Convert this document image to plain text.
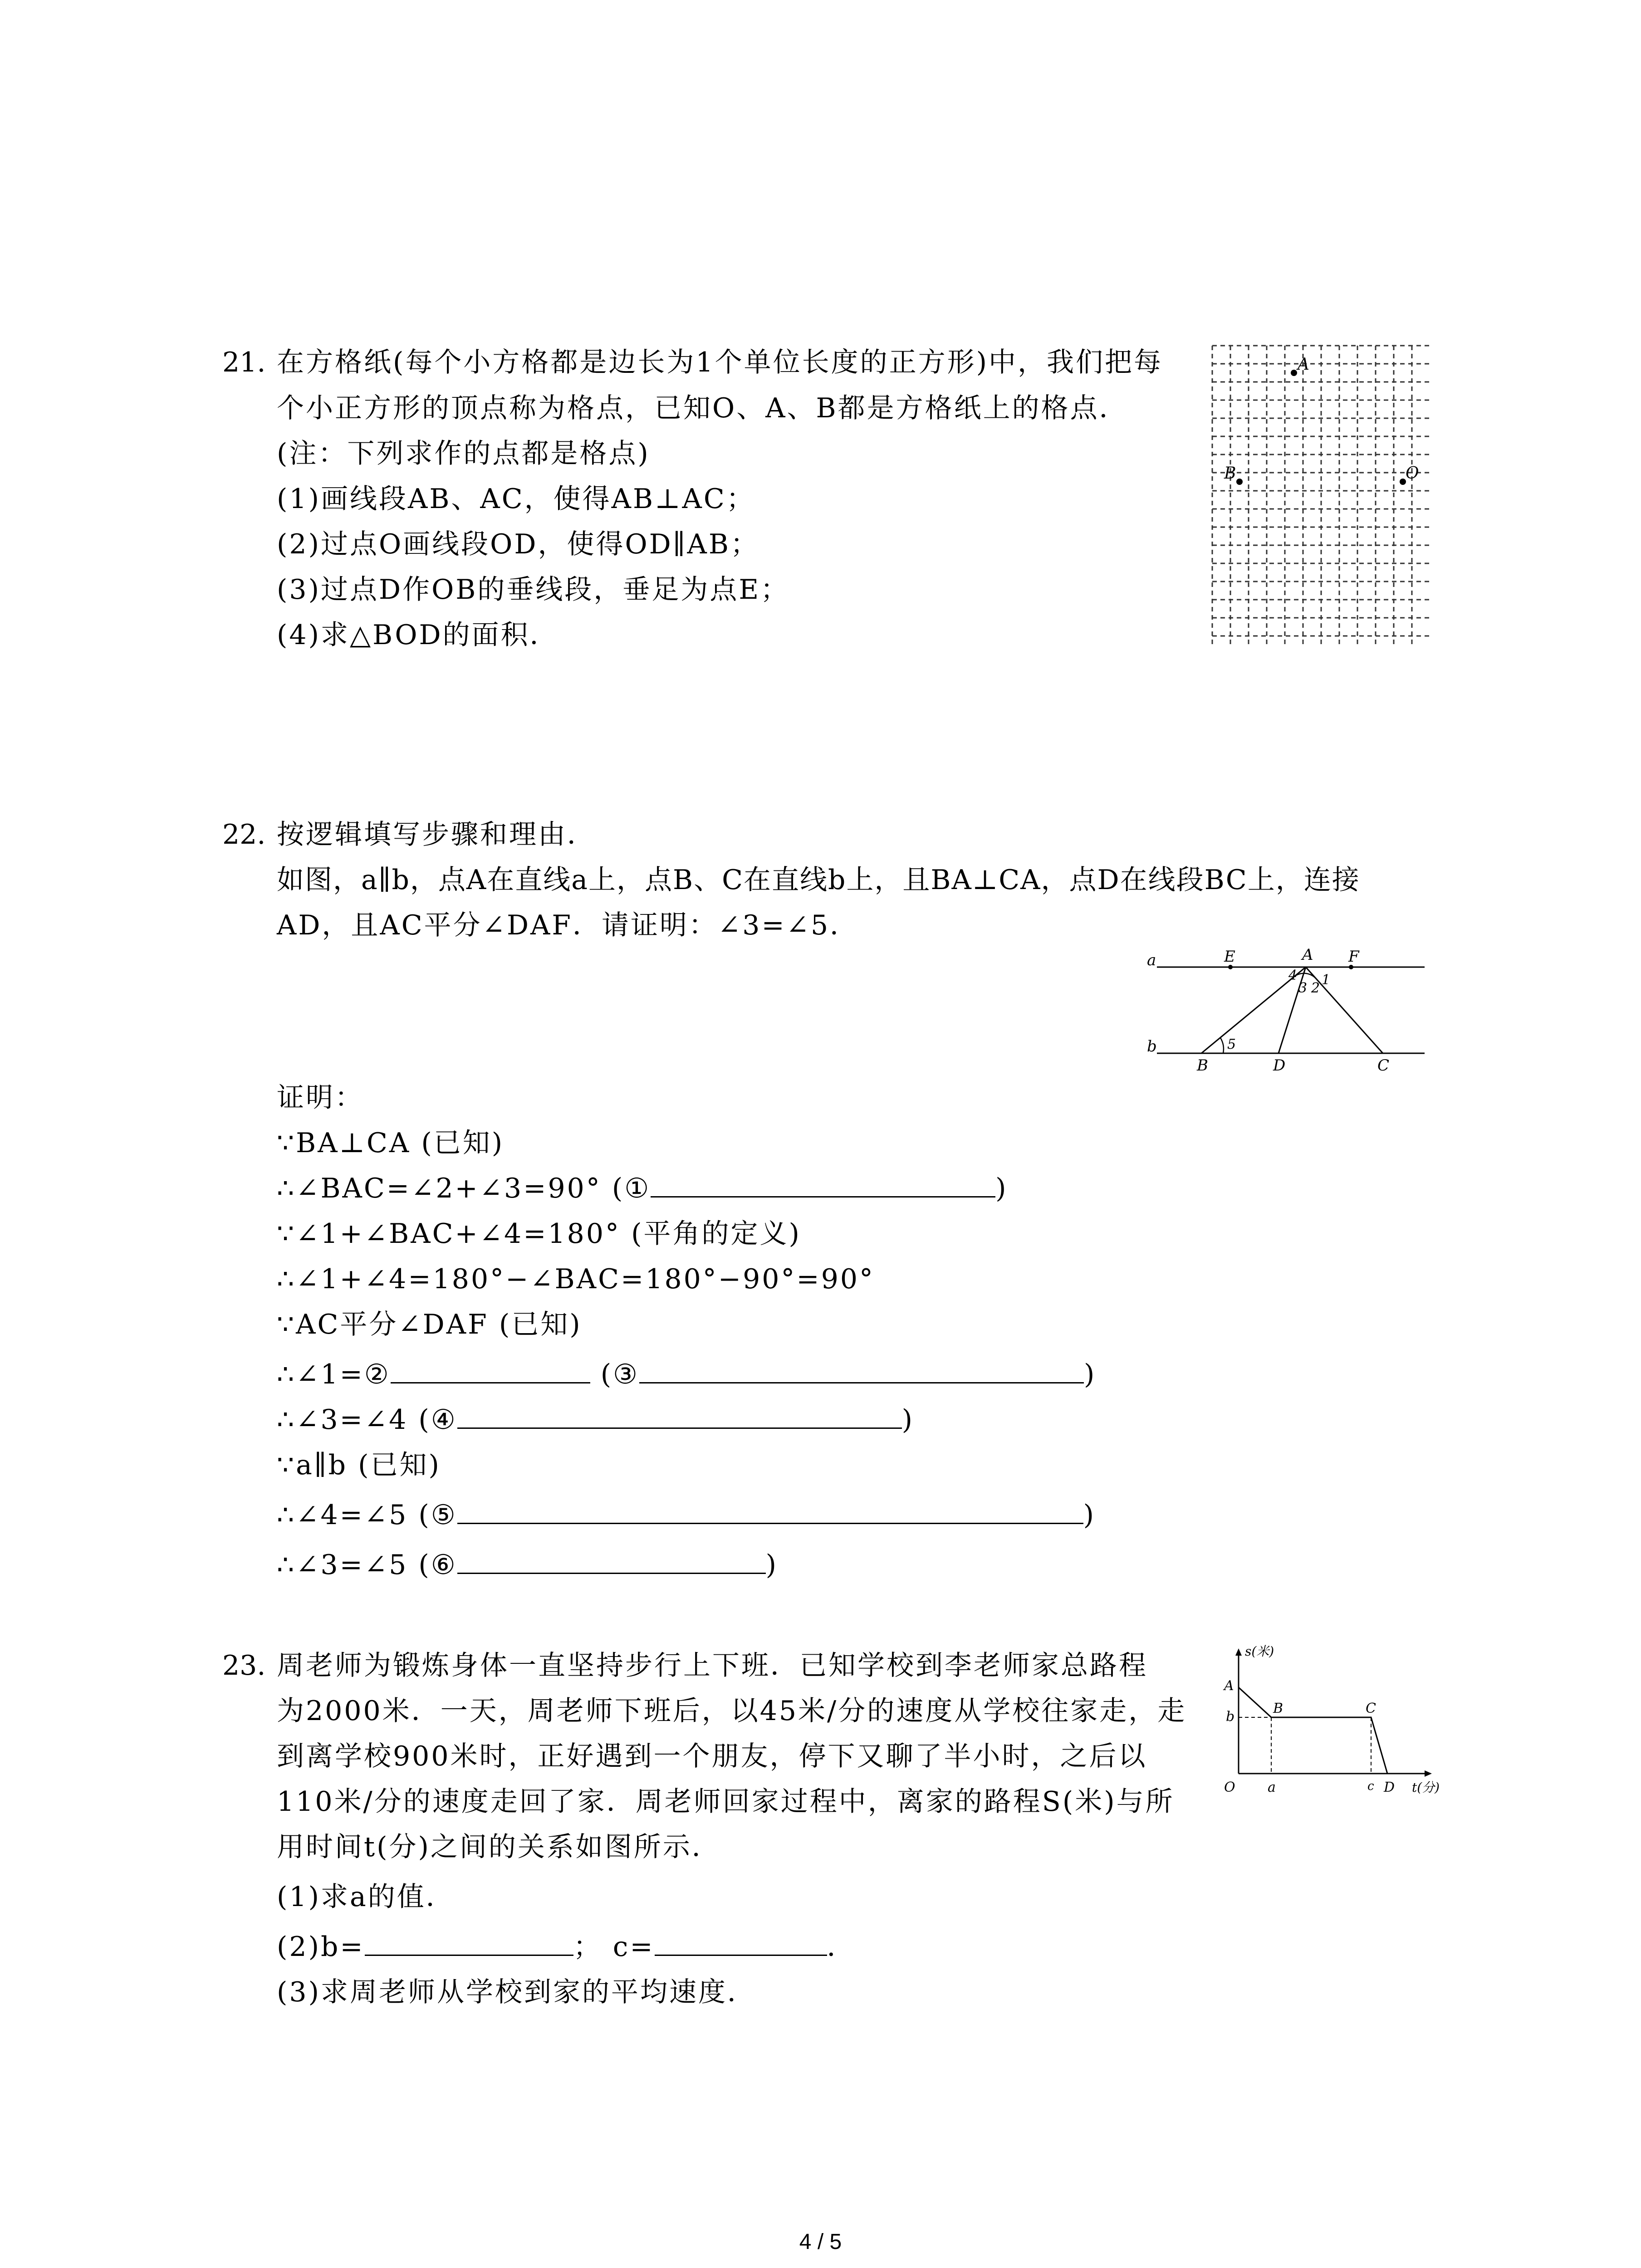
21. 在方格纸(每个小方格都是边长为1个单位长度的正方形)中，我们把每
个小正方形的顶点称为格点，已知O、A、B都是方格纸上的格点．
(注：下列求作的点都是格点)
(1)画线段AB、AC，使得AB⊥AC；
(2)过点O画线段OD，使得OD∥AB；
(3)过点D作OB的垂线段，垂足为点E；
(4)求△BOD的面积．
A
B	O
22. 按逻辑填写步骤和理由．
如图，a∥b，点A在直线a上，点B、C在直线b上，且BA⊥CA，点D在线段BC上，连接
AD，且AC平分∠DAF．请证明：∠3=∠5．
a
b
E	A F
4 1
3 2
5
B	D	C
证明：
∵BA⊥CA (已知)
∴∠BAC=∠2+∠3=90° (①	)
∵∠1+∠BAC+∠4=180° (平角的定义)
∴∠1+∠4=180°−∠BAC=180°−90°=90°
∵AC平分∠DAF (已知)
∴∠1=②	(③	)
∴∠3=∠4 (④	)
∵a∥b (已知)
∴∠4=∠5 (⑤	)
∴∠3=∠5 (⑥	)
23. 周老师为锻炼身体一直坚持步行上下班．已知学校到李老师家总路程
为2000米．一天，周老师下班后，以45米/分的速度从学校往家走，走
到离学校900米时，正好遇到一个朋友，停下又聊了半小时，之后以
110米/分的速度走回了家．周老师回家过程中，离家的路程S(米)与所
用时间t(分)之间的关系如图所示．
(1)求a的值．
(2)b=	； c=	．
(3)求周老师从学校到家的平均速度．
s(米)
t(分)
O
A
b
B	C
a	c D
4 / 5
